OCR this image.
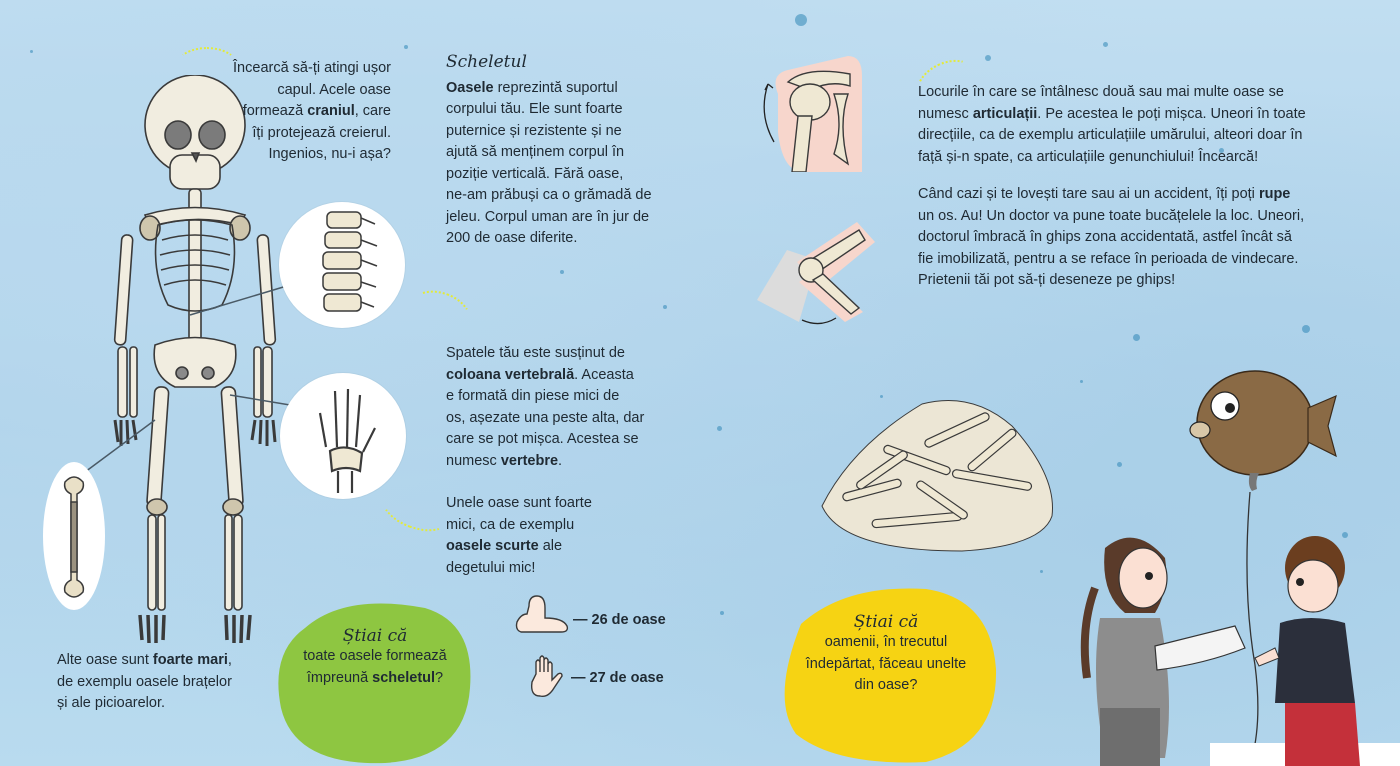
Încearcă să-ți atingi ușor
capul. Acele oase
formează craniul, care
îți protejează creierul.
Ingenios, nu-i așa?
Alte oase sunt foarte mari,
de exemplu oasele brațelor
și ale picioarelor.
Știai că
toate oasele formează
împreună scheletul?
Scheletul
Oasele reprezintă suportul
corpului tău. Ele sunt foarte
puternice și rezistente și ne
ajută să menținem corpul în
poziție verticală. Fără oase,
ne-am prăbuși ca o grămadă de
jeleu. Corpul uman are în jur de
200 de oase diferite.
Spatele tău este susținut de
coloana vertebrală. Aceasta
e formată din piese mici de
os, așezate una peste alta, dar
care se pot mișca. Acestea se
numesc vertebre.
Unele oase sunt foarte
mici, ca de exemplu
oasele scurte ale
degetului mic!
— 26 de oase
— 27 de oase
Locurile în care se întâlnesc două sau mai multe oase se
numesc articulații. Pe acestea le poți mișca. Uneori în toate
direcțiile, ca de exemplu articulațiile umărului, alteori doar în
față și-n spate, ca articulațiile genunchiului! Încearcă!
Când cazi și te lovești tare sau ai un accident, îți poți rupe
un os. Au! Un doctor va pune toate bucățelele la loc. Uneori,
doctorul îmbracă în ghips zona accidentată, astfel încât să
fie imobilizată, pentru a se reface în perioada de vindecare.
Prietenii tăi pot să-ți deseneze pe ghips!
Știai că
oamenii, în trecutul
îndepărtat, făceau unelte
din oase?
